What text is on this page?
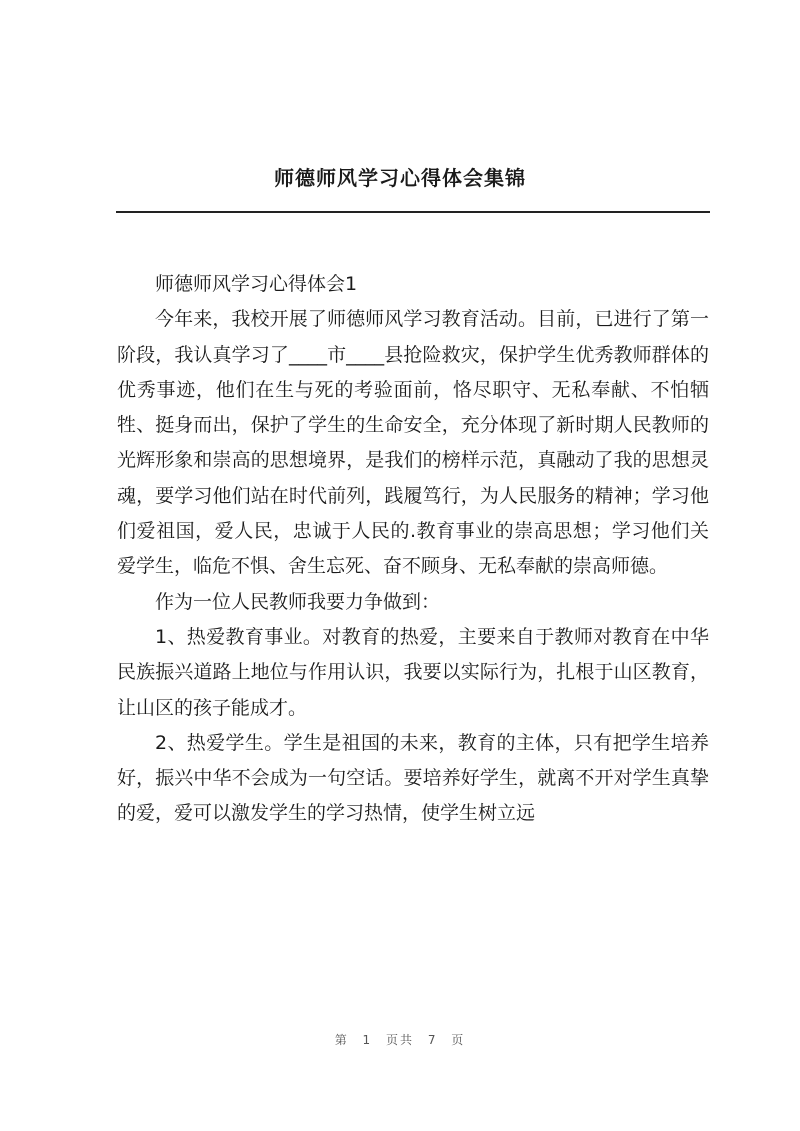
师德师风学习心得体会集锦

师德师风学习心得体会1

今年来，我校开展了师德师风学习教育活动。目前，已进行了第一阶段，我认真学习了____市____县抢险救灾，保护学生优秀教师群体的优秀事迹，他们在生与死的考验面前，恪尽职守、无私奉献、不怕牺牲、挺身而出，保护了学生的生命安全，充分体现了新时期人民教师的光辉形象和崇高的思想境界，是我们的榜样示范，真融动了我的思想灵魂，要学习他们站在时代前列，践履笃行，为人民服务的精神；学习他们爱祖国，爱人民，忠诚于人民的.教育事业的崇高思想；学习他们关爱学生，临危不惧、舍生忘死、奋不顾身、无私奉献的崇高师德。

作为一位人民教师我要力争做到：

1、热爱教育事业。对教育的热爱，主要来自于教师对教育在中华民族振兴道路上地位与作用认识，我要以实际行为，扎根于山区教育，让山区的孩子能成才。

2、热爱学生。学生是祖国的未来，教育的主体，只有把学生培养好，振兴中华不会成为一句空话。要培养好学生，就离不开对学生真挚的爱，爱可以激发学生的学习热情，使学生树立远

第 1 页共 7 页
